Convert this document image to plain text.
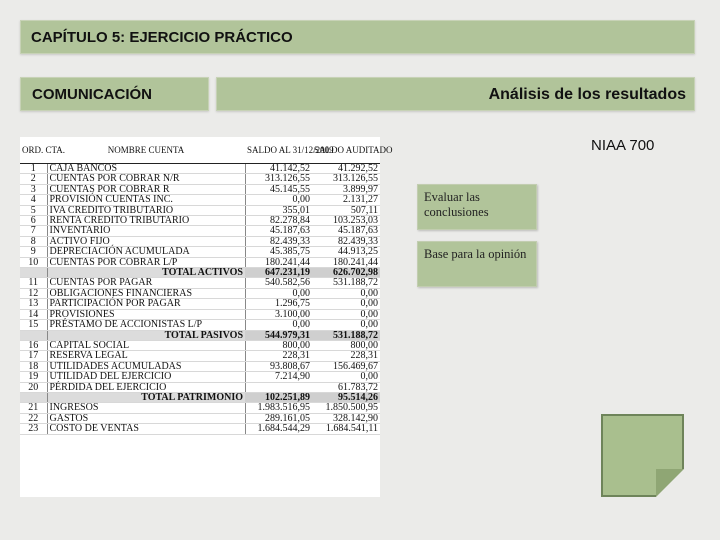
CAPÍTULO 5: EJERCICIO PRÁCTICO
COMUNICACIÓN	Análisis de los resultados
NIAA 700
ORD. CTA.	NOMBRE CUENTA	SALDO AL 31/12/2009	SALDO AUDITADO
1	CAJA BANCOS	41.142,52	41.292,52
2	CUENTAS POR COBRAR N/R	313.126,55	313.126,55
3	CUENTAS POR COBRAR R	45.145,55	3.899,97
4	PROVISIÓN CUENTAS INC.	0,00	2.131,27
5	IVA CREDITO TRIBUTARIO	355,01	507,11
6	RENTA CREDITO TRIBUTARIO	82.278,84	103.253,03
7	INVENTARIO	45.187,63	45.187,63
8	ACTIVO FIJO	82.439,33	82.439,33
9	DEPRECIACIÓN ACUMULADA	45.385,75	44.913,25
10	CUENTAS POR COBRAR L/P	180.241,44	180.241,44
	TOTAL ACTIVOS	647.231,19	626.702,98
11	CUENTAS POR PAGAR	540.582,56	531.188,72
12	OBLIGACIONES FINANCIERAS	0,00	0,00
13	PARTICIPACIÓN POR PAGAR	1.296,75	0,00
14	PROVISIONES	3.100,00	0,00
15	PRÉSTAMO DE ACCIONISTAS L/P	0,00	0,00
	TOTAL PASIVOS	544.979,31	531.188,72
16	CAPITAL SOCIAL	800,00	800,00
17	RESERVA LEGAL	228,31	228,31
18	UTILIDADES ACUMULADAS	93.808,67	156.469,67
19	UTILIDAD DEL EJERCICIO	7.214,90	0,00
20	PÉRDIDA DEL EJERCICIO		61.783,72
	TOTAL PATRIMONIO	102.251,89	95.514,26
21	INGRESOS	1.983.516,95	1.850.500,95
22	GASTOS	289.161,05	328.142,90
23	COSTO DE VENTAS	1.684.544,29	1.684.541,11
Evaluar las conclusiones
Base para la opinión
